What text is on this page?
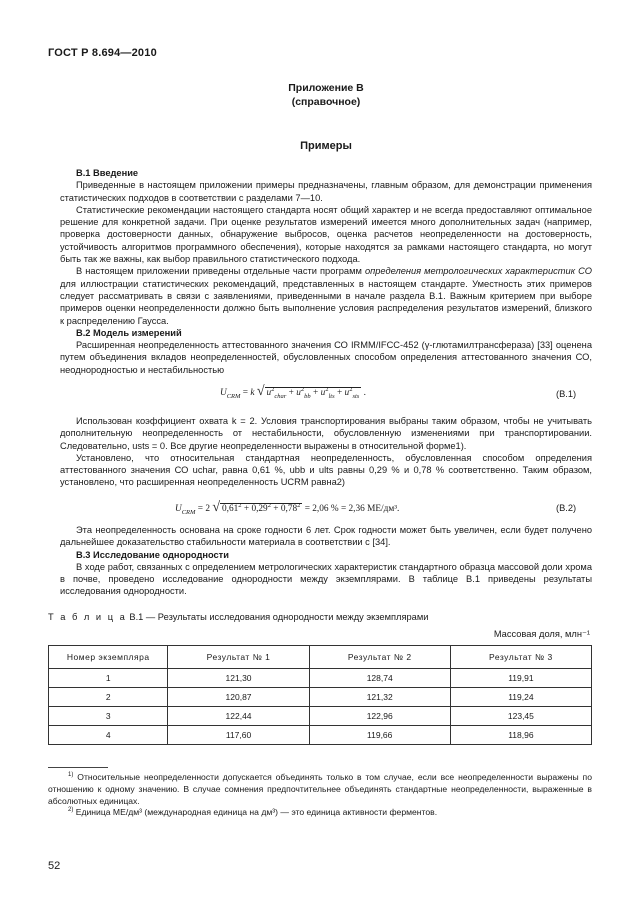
ГОСТ Р 8.694—2010
Приложение В
(справочное)
Примеры

В.1 Введение

Приведенные в настоящем приложении примеры предназначены, главным образом, для демонстрации применения статистических подходов в соответствии с разделами 7—10.

Статистические рекомендации настоящего стандарта носят общий характер и не всегда предоставляют оптимальное решение для конкретной задачи. При оценке результатов измерений имеется много дополнительных задач (например, проверка достоверности данных, обнаружение выбросов, оценка расчетов неопределенности на достоверность, устойчивость алгоритмов программного обеспечения), которые находятся за рамками настоящего стандарта, но могут быть так же важны, как выбор правильного статистического подхода.

В настоящем приложении приведены отдельные части программ определения метрологических характеристик СО для иллюстрации статистических рекомендаций, представленных в настоящем стандарте. Уместность этих примеров следует рассматривать в связи с заявлениями, приведенными в начале раздела В.1. Важным критерием при выборе примеров оценки неопределенности должно быть выполнение условия распределения результатов измерений, близкого к распределению Гаусса.

В.2 Модель измерений

Расширенная неопределенность аттестованного значения СО IRMM/IFCC-452 (γ-глютамилтрансфераза) [33] оценена путем объединения вкладов неопределенностей, обусловленных способом определения аттестованного значения СО, неоднородностью и нестабильностью

$U_{CRM} = k$ √ $u^2_{char} + u^2_{bb} + u^2_{lts} + u^2_{sts}$ .	(В.1)

Использован коэффициент охвата k = 2. Условия транспортирования выбраны таким образом, чтобы не учитывать дополнительную неопределенность от нестабильности, обусловленную изменениями при транспортировании. Следовательно, usts = 0. Все другие неопределенности выражены в относительной форме1).

Установлено, что относительная стандартная неопределенность, обусловленная способом определения аттестованного значения СО uchar, равна 0,61 %, ubb и ults равны 0,29 % и 0,78 % соответственно. Таким образом, установлено, что расширенная неопределенность UCRM равна2)

$U_{CRM} = 2$ √ $0,61^2 + 0,29^2 + 0,78^2 = 2,06$ % = 2,36 МЕ/дм³.	(В.2)

Эта неопределенность основана на сроке годности 6 лет. Срок годности может быть увеличен, если будет получено дальнейшее доказательство стабильности материала в соответствии с [34].

В.3 Исследование однородности

В ходе работ, связанных с определением метрологических характеристик стандартного образца массовой доли хрома в почве, проведено исследование однородности между экземплярами. В таблице В.1 приведены результаты исследования однородности.

Т а б л и ц а В.1 — Результаты исследования однородности между экземплярами
Массовая доля, млн⁻¹
Номер экземпляра	Результат № 1	Результат № 2	Результат № 3
1	121,30	128,74	119,91
2	120,87	121,32	119,24
3	122,44	122,96	123,45
4	117,60	119,66	118,96

$^{1)}$ Относительные неопределенности допускается объединять только в том случае, если все неопределенности выражены по отношению к одному значению. В случае сомнения предпочтительнее объединять стандартные неопределенности, выраженные в абсолютных единицах.

$^{2)}$ Единица МЕ/дм³ (международная единица на дм³) — это единица активности ферментов.

52
